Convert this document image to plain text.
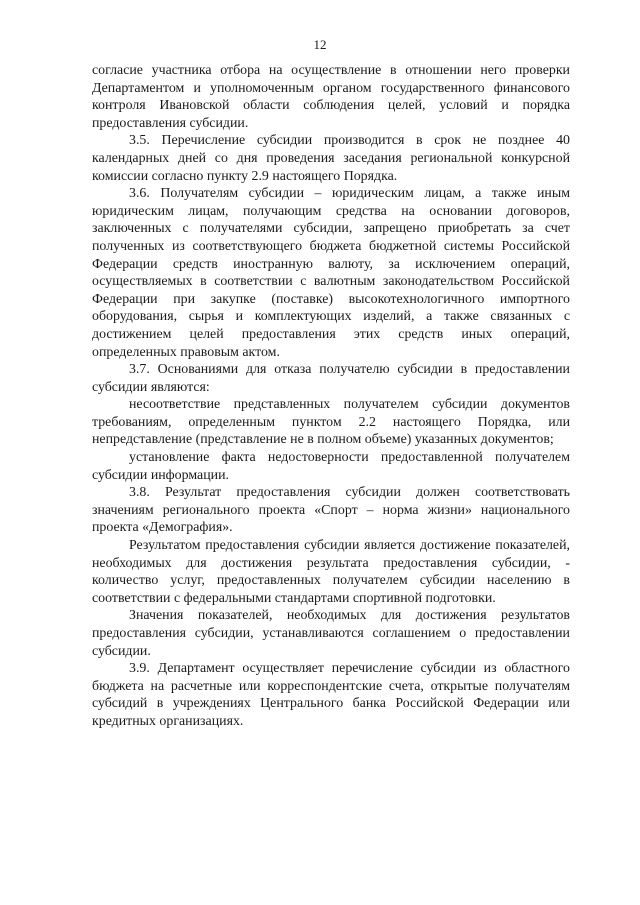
12

согласие участника отбора на осуществление в отношении него проверки Департаментом и уполномоченным органом государственного финансового контроля Ивановской области соблюдения целей, условий и порядка предоставления субсидии.

3.5. Перечисление субсидии производится в срок не позднее 40 календарных дней со дня проведения заседания региональной конкурсной комиссии согласно пункту 2.9 настоящего Порядка.

3.6. Получателям субсидии – юридическим лицам, а также иным юридическим лицам, получающим средства на основании договоров, заключенных с получателями субсидии, запрещено приобретать за счет полученных из соответствующего бюджета бюджетной системы Российской Федерации средств иностранную валюту, за исключением операций, осуществляемых в соответствии с валютным законодательством Российской Федерации при закупке (поставке) высокотехнологичного импортного оборудования, сырья и комплектующих изделий, а также связанных с достижением целей предоставления этих средств иных операций, определенных правовым актом.

3.7. Основаниями для отказа получателю субсидии в предоставлении субсидии являются:

несоответствие представленных получателем субсидии документов требованиям, определенным пунктом 2.2 настоящего Порядка, или непредставление (представление не в полном объеме) указанных документов;

установление факта недостоверности предоставленной получателем субсидии информации.

3.8. Результат предоставления субсидии должен соответствовать значениям регионального проекта «Спорт – норма жизни» национального проекта «Демография».

Результатом предоставления субсидии является достижение показателей, необходимых для достижения результата предоставления субсидии, - количество услуг, предоставленных получателем субсидии населению в соответствии с федеральными стандартами спортивной подготовки.

Значения показателей, необходимых для достижения результатов предоставления субсидии, устанавливаются соглашением о предоставлении субсидии.

3.9. Департамент осуществляет перечисление субсидии из областного бюджета на расчетные или корреспондентские счета, открытые получателям субсидий в учреждениях Центрального банка Российской Федерации или кредитных организациях.
